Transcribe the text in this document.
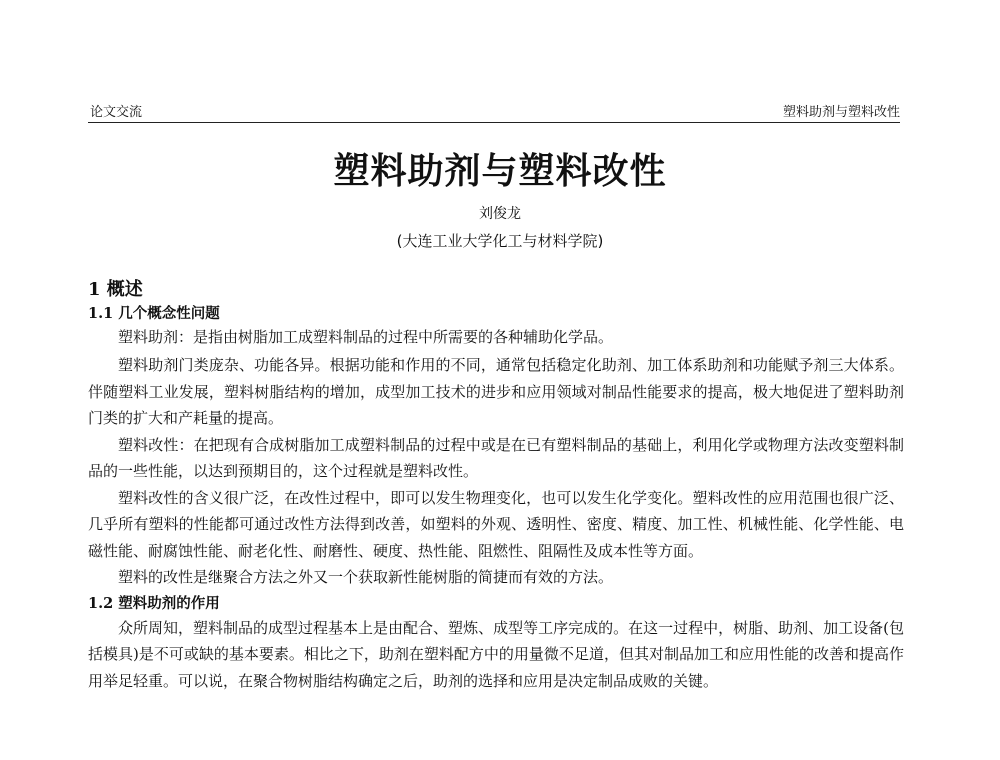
论文交流	塑料助剂与塑料改性
塑料助剂与塑料改性
刘俊龙
(大连工业大学化工与材料学院)
1 概述
1.1 几个概念性问题

塑料助剂：是指由树脂加工成塑料制品的过程中所需要的各种辅助化学品。

塑料助剂门类庞杂、功能各异。根据功能和作用的不同，通常包括稳定化助剂、加工体系助剂和功能赋予剂三大体系。伴随塑料工业发展，塑料树脂结构的增加，成型加工技术的进步和应用领域对制品性能要求的提高，极大地促进了塑料助剂门类的扩大和产耗量的提高。

塑料改性：在把现有合成树脂加工成塑料制品的过程中或是在已有塑料制品的基础上，利用化学或物理方法改变塑料制品的一些性能，以达到预期目的，这个过程就是塑料改性。

塑料改性的含义很广泛，在改性过程中，即可以发生物理变化，也可以发生化学变化。塑料改性的应用范围也很广泛、几乎所有塑料的性能都可通过改性方法得到改善，如塑料的外观、透明性、密度、精度、加工性、机械性能、化学性能、电磁性能、耐腐蚀性能、耐老化性、耐磨性、硬度、热性能、阻燃性、阻隔性及成本性等方面。

塑料的改性是继聚合方法之外又一个获取新性能树脂的简捷而有效的方法。

1.2 塑料助剂的作用

众所周知，塑料制品的成型过程基本上是由配合、塑炼、成型等工序完成的。在这一过程中，树脂、助剂、加工设备(包括模具)是不可或缺的基本要素。相比之下，助剂在塑料配方中的用量微不足道，但其对制品加工和应用性能的改善和提高作用举足轻重。可以说，在聚合物树脂结构确定之后，助剂的选择和应用是决定制品成败的关键。
